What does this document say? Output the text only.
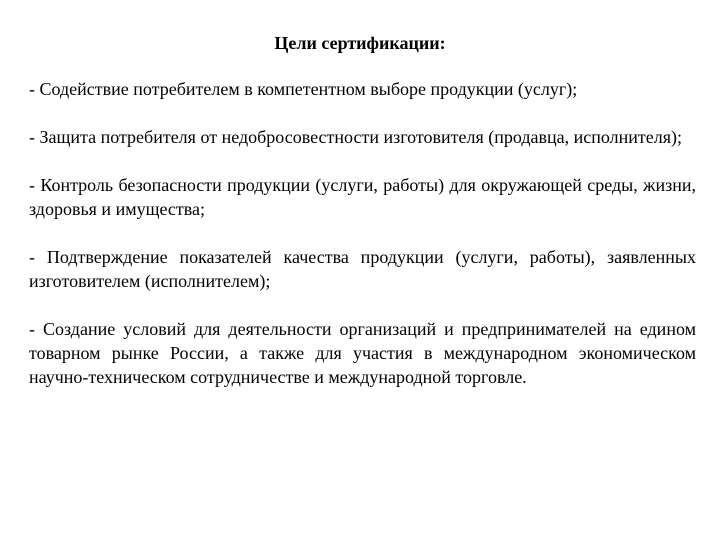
Цели сертификации:
- Содействие потребителем в компетентном выборе продукции (услуг);
- Защита потребителя от недобросовестности изготовителя (продавца, исполнителя);
- Контроль безопасности продукции (услуги, работы) для окружающей среды, жизни, здоровья и имущества;
- Подтверждение показателей качества продукции (услуги, работы), заявленных изготовителем (исполнителем);
- Создание условий для деятельности организаций и предпринимателей на едином товарном рынке России, а также для участия в международном экономическом научно-техническом сотрудничестве и международной торговле.
